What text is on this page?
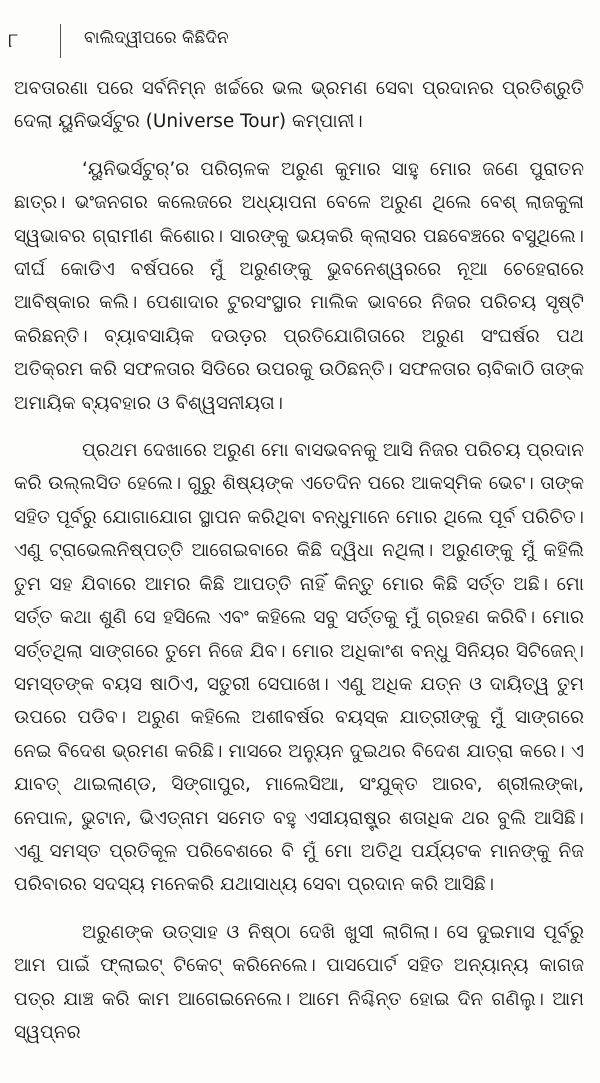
୮	ବାଲିଦ୍ୱୀପରେ କିଛିଦିନ

ଅବତାରଣା ପରେ ସର୍ବନିମ୍ନ ଖର୍ଚ୍ଚରେ ଭଲ ଭ୍ରମଣ ସେବା ପ୍ରଦାନର ପ୍ରତିଶ୍ରୁତି ଦେଲା ୟୁନିଭର୍ସଟୁର (Universe Tour) କମ୍ପାନୀ।

‘ୟୁନିଭର୍ସଟୁର୍’ର ପରିଚାଳକ ଅରୁଣ କୁମାର ସାହୁ ମୋର ଜଣେ ପୁରାତନ ଛାତ୍ର। ଭଂଜନଗର କଲେଜରେ ଅଧ୍ୟାପନା ବେଳେ ଅରୁଣ ଥିଲେ ବେଶ୍ ଲାଜକୁଳା ସ୍ୱଭାବର ଗ୍ରାମୀଣ କିଶୋର। ସାରଙ୍କୁ ଭୟକରି କ୍ଲାସର ପଛବେଞ୍ଚରେ ବସୁଥିଲେ। ଦୀର୍ଘ କୋଡିଏ ବର୍ଷପରେ ମୁଁ ଅରୁଣଙ୍କୁ ଭୁବନେଶ୍ୱରରେ ନୂଆ ଚେହେରାରେ ଆବିଷ୍କାର କଲି। ପେଶାଦାର ଟୁରସଂସ୍ଥାର ମାଲିକ ଭାବରେ ନିଜର ପରିଚୟ ସୃଷ୍ଟି କରିଛନ୍ତି। ବ୍ୟାବସାୟିକ ଦଉଡ଼ର ପ୍ରତିଯୋଗିତାରେ ଅରୁଣ ସଂଘର୍ଷର ପଥ ଅତିକ୍ରମ କରି ସଫଳତାର ସିଡିରେ ଉପରକୁ ଉଠିଛନ୍ତି। ସଫଳତାର ଚାବିକାଠି ତାଙ୍କ ଅମାୟିକ ବ୍ୟବହାର ଓ ବିଶ୍ୱସନୀୟତା।

ପ୍ରଥମ ଦେଖାରେ ଅରୁଣ ମୋ ବାସଭବନକୁ ଆସି ନିଜର ପରିଚୟ ପ୍ରଦାନ କରି ଉଲ୍ଲସିତ ହେଲେ। ଗୁରୁ ଶିଷ୍ୟଙ୍କ ଏତେଦିନ ପରେ ଆକସ୍ମିକ ଭେଟ। ତାଙ୍କ ସହିତ ପୂର୍ବରୁ ଯୋଗାଯୋଗ ସ୍ଥାପନ କରିଥିବା ବନ୍ଧୁମାନେ ମୋର ଥିଲେ ପୂର୍ବ ପରିଚିତ। ଏଣୁ ଟ୍ରାଭେଲନିଷ୍ପତ୍ତି ଆଗେଇବାରେ କିଛି ଦ୍ୱିଧା ନଥିଲା। ଅରୁଣଙ୍କୁ ମୁଁ କହିଲି ତୁମ ସହ ଯିବାରେ ଆମର କିଛି ଆପତ୍ତି ନାହିଁ କିନ୍ତୁ ମୋର କିଛି ସର୍ତ୍ତ ଅଛି। ମୋ ସର୍ତ୍ତ କଥା ଶୁଣି ସେ ହସିଲେ ଏବଂ କହିଲେ ସବୁ ସର୍ତ୍ତକୁ ମୁଁ ଗ୍ରହଣ କରିବି। ମୋର ସର୍ତ୍ତଥିଲା ସାଙ୍ଗରେ ତୁମେ ନିଜେ ଯିବ। ମୋର ଅଧିକାଂଶ ବନ୍ଧୁ ସିନିୟର ସିଟିଜେନ୍। ସମସ୍ତଙ୍କ ବୟସ ଷାଠିଏ, ସତୁରୀ ସେପାଖେ। ଏଣୁ ଅଧିକ ଯତ୍ନ ଓ ଦାୟିତ୍ୱ ତୁମ ଉପରେ ପଡିବ। ଅରୁଣ କହିଲେ ଅଶୀବର୍ଷର ବୟସ୍କ ଯାତ୍ରୀଙ୍କୁ ମୁଁ ସାଙ୍ଗରେ ନେଇ ବିଦେଶ ଭ୍ରମଣ କରିଛି। ମାସରେ ଅନ୍ୟୁନ ଦୁଇଥର ବିଦେଶ ଯାତ୍ରା କରେ। ଏ ଯାବତ୍ ଥାଇଲାଣ୍ଡ, ସିଙ୍ଗାପୁର, ମାଲେସିଆ, ସଂଯୁକ୍ତ ଆରବ, ଶ୍ରୀଲଙ୍କା, ନେପାଳ, ଭୁଟାନ, ଭିଏତ୍‌ନାମ ସମେତ ବହୁ ଏସୀୟରାଷ୍ଟ୍ର ଶତାଧିକ ଥର ବୁଲି ଆସିଛି। ଏଣୁ ସମସ୍ତ ପ୍ରତିକୂଳ ପରିବେଶରେ ବି ମୁଁ ମୋ ଅତିଥି ପର୍ଯ୍ୟଟକ ମାନଙ୍କୁ ନିଜ ପରିବାରର ସଦସ୍ୟ ମନେକରି ଯଥାସାଧ୍ୟ ସେବା ପ୍ରଦାନ କରି ଆସିଛି।

ଅରୁଣଙ୍କ ଉତ୍ସାହ ଓ ନିଷ୍ଠା ଦେଖି ଖୁସୀ ଲାଗିଲା। ସେ ଦୁଇମାସ ପୂର୍ବରୁ ଆମ ପାଇଁ ଫ୍ଲାଇଟ୍ ଟିକେଟ୍ କରିନେଲେ। ପାସପୋର୍ଟ ସହିତ ଅନ୍ୟାନ୍ୟ କାଗଜ ପତ୍ର ଯାଞ୍ଚ କରି କାମ ଆଗେଇନେଲେ। ଆମେ ନିଶ୍ଚିନ୍ତ ହୋଇ ଦିନ ଗଣିଲୁ। ଆମ ସ୍ୱପ୍ନର
